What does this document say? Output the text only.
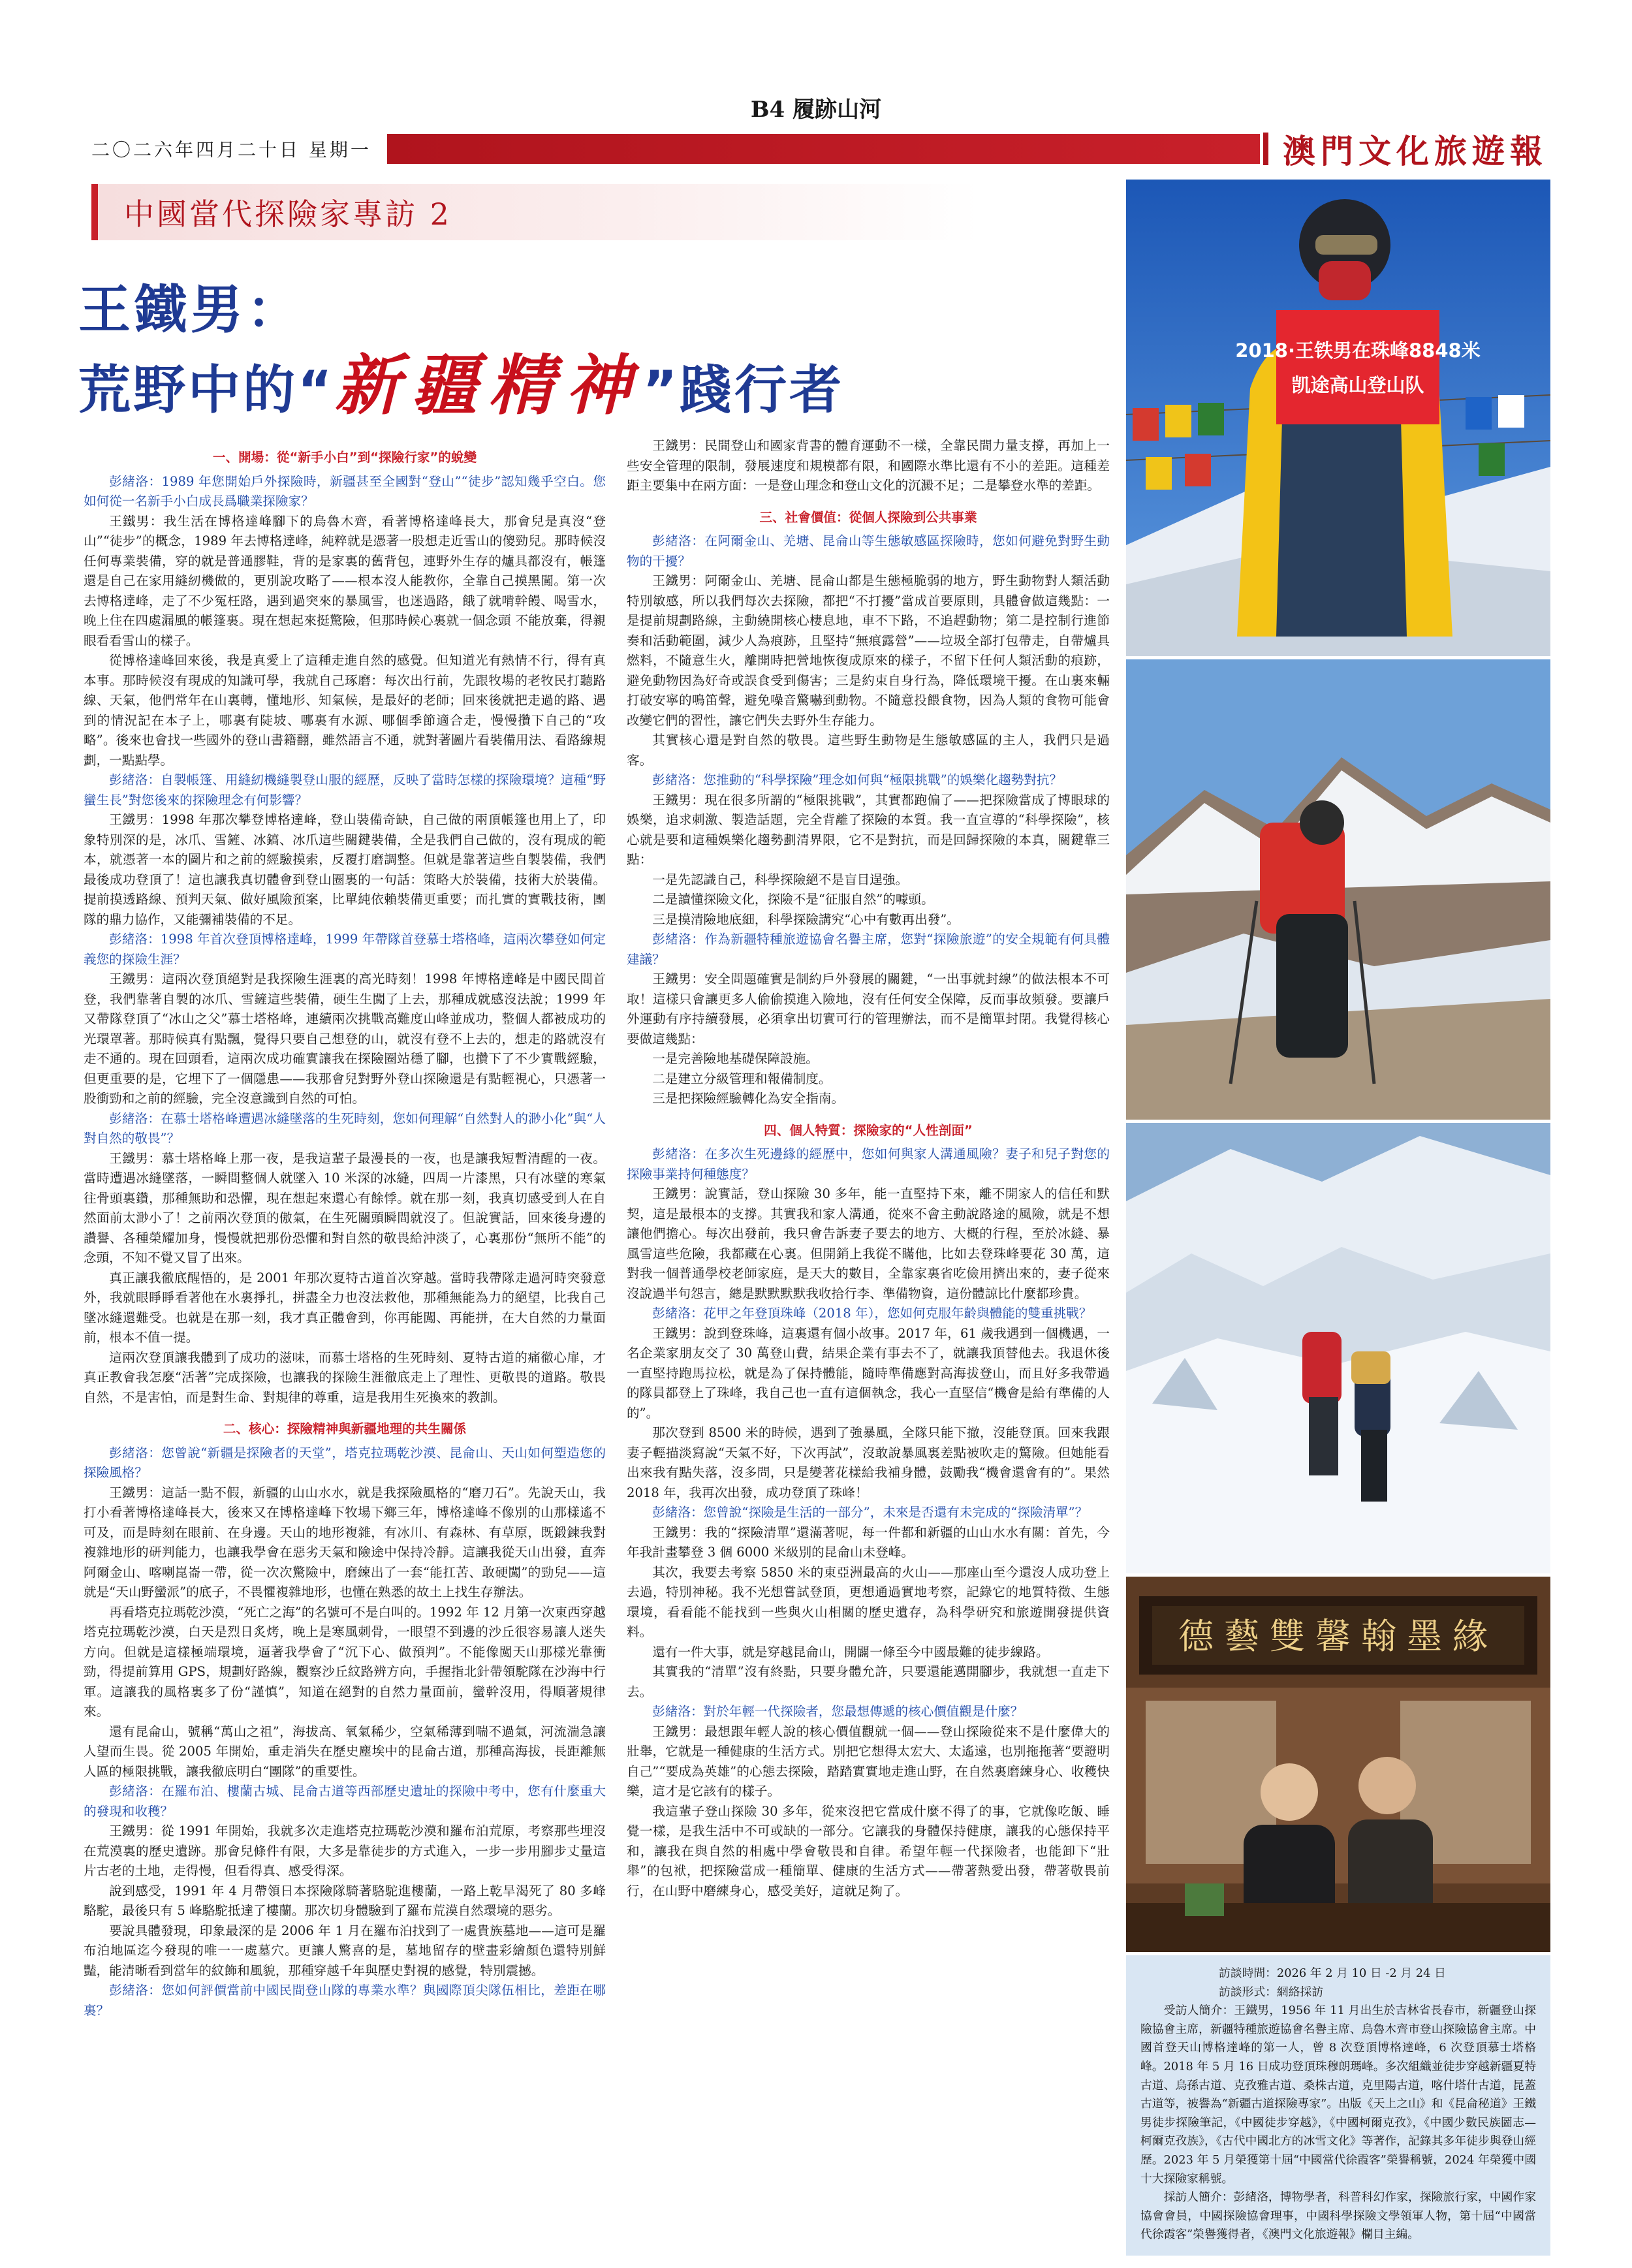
B4 履跡山河
二〇二六年四月二十日 星期一	澳門文化旅遊報
中國當代探險家專訪 2
王鐵男：
荒野中的“新疆精神”踐行者

一、開場：從“新手小白”到“探險行家”的蛻變

彭緒洛：1989 年您開始戶外探險時，新疆甚至全國對“登山”“徒步”認知幾乎空白。您如何從一名新手小白成長爲職業探險家？

王鐵男：我生活在博格達峰腳下的烏魯木齊，看著博格達峰長大，那會兒是真沒“登山”“徒步”的概念，1989 年去博格達峰，純粹就是憑著一股想走近雪山的傻勁兒。那時候沒任何專業裝備，穿的就是普通膠鞋，背的是家裏的舊背包，連野外生存的爐具都沒有，帳篷還是自己在家用縫紉機做的，更別說攻略了——根本沒人能教你，全靠自己摸黑闖。第一次去博格達峰，走了不少冤枉路，遇到過突來的暴風雪，也迷過路，餓了就啃幹饅、喝雪水，晚上住在四處漏風的帳篷裏。現在想起來挺驚險，但那時候心裏就一個念頭 不能放棄，得親眼看看雪山的樣子。

從博格達峰回來後，我是真愛上了這種走進自然的感覺。但知道光有熱情不行，得有真本事。那時候沒有現成的知識可學，我就自己琢磨：每次出行前，先跟牧場的老牧民打聽路線、天氣，他們常年在山裏轉，懂地形、知氣候，是最好的老師；回來後就把走過的路、遇到的情況記在本子上，哪裏有陡坡、哪裏有水源、哪個季節適合走，慢慢攢下自己的“攻略”。後來也會找一些國外的登山書籍翻，雖然語言不通，就對著圖片看裝備用法、看路線規劃，一點點學。

彭緒洛：自製帳篷、用縫紉機縫製登山服的經歷，反映了當時怎樣的探險環境？這種“野蠻生長”對您後來的探險理念有何影響？

王鐵男：1998 年那次攀登博格達峰，登山裝備奇缺，自己做的兩頂帳篷也用上了，印象特別深的是，冰爪、雪鏟、冰鎬、冰爪這些關鍵裝備，全是我們自己做的，沒有現成的範本，就憑著一本的圖片和之前的經驗摸索，反覆打磨調整。但就是靠著這些自製裝備，我們最後成功登頂了！這也讓我真切體會到登山圈裏的一句話：策略大於裝備，技術大於裝備。提前摸透路線、預判天氣、做好風險預案，比單純依賴裝備更重要；而扎實的實戰技術，團隊的鼎力協作，又能彌補裝備的不足。

彭緒洛：1998 年首次登頂博格達峰，1999 年帶隊首登慕士塔格峰，這兩次攀登如何定義您的探險生涯？

王鐵男：這兩次登頂絕對是我探險生涯裏的高光時刻！1998 年博格達峰是中國民間首登，我們靠著自製的冰爪、雪鏟這些裝備，硬生生闖了上去，那種成就感沒法說；1999 年又帶隊登頂了“冰山之父”慕士塔格峰，連續兩次挑戰高難度山峰並成功，整個人都被成功的光環罩著。那時候真有點飄，覺得只要自己想登的山，就沒有登不上去的，想走的路就沒有走不通的。現在回頭看，這兩次成功確實讓我在探險圈站穩了腳，也攢下了不少實戰經驗，但更重要的是，它埋下了一個隱患——我那會兒對野外登山探險還是有點輕視心，只憑著一股衝勁和之前的經驗，完全沒意識到自然的可怕。

彭緒洛：在慕士塔格峰遭遇冰縫墜落的生死時刻，您如何理解“自然對人的渺小化”與“人對自然的敬畏”？

王鐵男：慕士塔格峰上那一夜，是我這輩子最漫長的一夜，也是讓我短暫清醒的一夜。當時遭遇冰縫墜落，一瞬間整個人就墜入 10 米深的冰縫，四周一片漆黑，只有冰壁的寒氣往骨頭裏鑽，那種無助和恐懼，現在想起來還心有餘悸。就在那一刻，我真切感受到人在自然面前太渺小了！之前兩次登頂的傲氣，在生死關頭瞬間就沒了。但說實話，回來後身邊的讚譽、各種榮耀加身，慢慢就把那份恐懼和對自然的敬畏給沖淡了，心裏那份“無所不能”的念頭，不知不覺又冒了出來。

真正讓我徹底醒悟的，是 2001 年那次夏特古道首次穿越。當時我帶隊走過河時突發意外，我就眼睜睜看著他在水裏掙扎，拼盡全力也沒法救他，那種無能為力的絕望，比我自己墜冰縫還難受。也就是在那一刻，我才真正體會到，你再能闖、再能拼，在大自然的力量面前，根本不值一提。

這兩次登頂讓我體到了成功的滋味，而慕士塔格的生死時刻、夏特古道的痛徹心扉，才真正教會我怎麼“活著”完成探險，也讓我的探險生涯徹底走上了理性、更敬畏的道路。敬畏自然，不是害怕，而是對生命、對規律的尊重，這是我用生死換來的教訓。

二、核心：探險精神與新疆地理的共生關係

彭緒洛：您曾說“新疆是探險者的天堂”，塔克拉瑪乾沙漠、昆侖山、天山如何塑造您的探險風格？

王鐵男：這話一點不假，新疆的山山水水，就是我探險風格的“磨刀石”。先說天山，我打小看著博格達峰長大，後來又在博格達峰下牧場下鄉三年，博格達峰不像別的山那樣遙不可及，而是時刻在眼前、在身邊。天山的地形複雜，有冰川、有森林、有草原，既鍛鍊我對複雜地形的研判能力，也讓我學會在惡劣天氣和險途中保持冷靜。這讓我從天山出發，直奔阿爾金山、喀喇崑崙一帶，從一次次驚險中，磨練出了一套“能扛苦、敢硬闖”的勁兒——這就是“天山野蠻派”的底子，不畏懼複雜地形，也懂在熟悉的故土上找生存辦法。

再看塔克拉瑪乾沙漠，“死亡之海”的名號可不是白叫的。1992 年 12 月第一次東西穿越塔克拉瑪乾沙漠，白天是烈日炙烤，晚上是寒風刺骨，一眼望不到邊的沙丘很容易讓人迷失方向。但就是這樣極端環境，逼著我學會了“沉下心、做預判”。不能像闖天山那樣光靠衝勁，得提前算用 GPS，規劃好路線，觀察沙丘紋路辨方向，手握指北針帶領駝隊在沙海中行軍。這讓我的風格裏多了份“謹慎”，知道在絕對的自然力量面前，蠻幹沒用，得順著規律來。

還有昆侖山，號稱“萬山之祖”，海拔高、氧氣稀少，空氣稀薄到喘不過氣，河流湍急讓人望而生畏。從 2005 年開始，重走消失在歷史塵埃中的昆侖古道，那種高海拔，長距離無人區的極限挑戰，讓我徹底明白“團隊”的重要性。

彭緒洛：在羅布泊、樓蘭古城、昆侖古道等西部歷史遺址的探險中考中，您有什麼重大的發現和收穫？

王鐵男：從 1991 年開始，我就多次走進塔克拉瑪乾沙漠和羅布泊荒原，考察那些埋沒在荒漠裏的歷史遺跡。那會兒條件有限，大多是靠徒步的方式進入，一步一步用腳步丈量這片古老的土地，走得慢，但看得真、感受得深。

說到感受，1991 年 4 月帶領日本探險隊騎著駱駝進樓蘭，一路上乾旱渴死了 80 多峰駱駝，最後只有 5 峰駱駝抵達了樓蘭。那次切身體驗到了羅布荒漠自然環境的惡劣。

要說具體發現，印象最深的是 2006 年 1 月在羅布泊找到了一處貴族墓地——這可是羅布泊地區迄今發現的唯一一處墓穴。更讓人驚喜的是，墓地留存的壁畫彩繪顏色還特別鮮豔，能清晰看到當年的紋飾和風貌，那種穿越千年與歷史對視的感覺，特別震撼。

彭緒洛：您如何評價當前中國民間登山隊的專業水準？與國際頂尖隊伍相比，差距在哪裏？

王鐵男：民間登山和國家背書的體育運動不一樣，全靠民間力量支撐，再加上一些安全管理的限制，發展速度和規模都有限，和國際水準比還有不小的差距。這種差距主要集中在兩方面：一是登山理念和登山文化的沉澱不足；二是攀登水準的差距。

三、社會價值：從個人探險到公共事業

彭緒洛：在阿爾金山、羌塘、昆侖山等生態敏感區探險時，您如何避免對野生動物的干擾？

王鐵男：阿爾金山、羌塘、昆侖山都是生態極脆弱的地方，野生動物對人類活動特別敏感，所以我們每次去探險，都把“不打擾”當成首要原則，具體會做這幾點：一是提前規劃路線，主動繞開核心棲息地，車不下路，不追趕動物；第二是控制行進節奏和活動範圍，減少人為痕跡，且堅持“無痕露營”——垃圾全部打包帶走，自帶爐具燃料，不隨意生火，離開時把營地恢復成原來的樣子，不留下任何人類活動的痕跡，避免動物因為好奇或誤食受到傷害；三是約束自身行為，降低環境干擾。在山裏來輛打破安寧的鳴笛聲，避免噪音驚嚇到動物。不隨意投餵食物，因為人類的食物可能會改變它們的習性，讓它們失去野外生存能力。

其實核心還是對自然的敬畏。這些野生動物是生態敏感區的主人，我們只是過客。

彭緒洛：您推動的“科學探險”理念如何與“極限挑戰”的娛樂化趨勢對抗？

王鐵男：現在很多所謂的“極限挑戰”，其實都跑偏了——把探險當成了博眼球的娛樂，追求刺激、製造話題，完全背離了探險的本質。我一直宣導的“科學探險”，核心就是要和這種娛樂化趨勢劃清界限，它不是對抗，而是回歸探險的本真，關鍵靠三點：

一是先認識自己，科學探險絕不是盲目逞強。

二是讀懂探險文化，探險不是“征服自然”的噱頭。

三是摸清險地底細，科學探險講究“心中有數再出發”。

彭緒洛：作為新疆特種旅遊協會名譽主席，您對“探險旅遊”的安全規範有何具體建議？

王鐵男：安全問題確實是制約戶外發展的關鍵，“一出事就封線”的做法根本不可取！這樣只會讓更多人偷偷摸進入險地，沒有任何安全保障，反而事故頻發。要讓戶外運動有序持續發展，必須拿出切實可行的管理辦法，而不是簡單封閉。我覺得核心要做這幾點：

一是完善險地基礎保障設施。

二是建立分級管理和報備制度。

三是把探險經驗轉化為安全指南。

四、個人特質：探險家的“人性剖面”

彭緒洛：在多次生死邊緣的經歷中，您如何與家人溝通風險？妻子和兒子對您的探險事業持何種態度？

王鐵男：說實話，登山探險 30 多年，能一直堅持下來，離不開家人的信任和默契，這是最根本的支撐。其實我和家人溝通，從來不會主動說路途的風險，就是不想讓他們擔心。每次出發前，我只會告訴妻子要去的地方、大概的行程，至於冰縫、暴風雪這些危險，我都藏在心裏。但開銷上我從不瞞他，比如去登珠峰要花 30 萬，這對我一個普通學校老師家庭，是天大的數目，全靠家裏省吃儉用擠出來的，妻子從來沒說過半句怨言，總是默默默默我收拾行李、準備物資，這份體諒比什麼都珍貴。

彭緒洛：花甲之年登頂珠峰（2018 年），您如何克服年齡與體能的雙重挑戰？

王鐵男：說到登珠峰，這裏還有個小故事。2017 年，61 歲我遇到一個機遇，一名企業家朋友交了 30 萬登山費，結果企業有事去不了，就讓我頂替他去。我退休後一直堅持跑馬拉松，就是為了保持體能，隨時準備應對高海拔登山，而且好多我帶過的隊員都登上了珠峰，我自己也一直有這個執念，我心一直堅信“機會是給有準備的人的”。

那次登到 8500 米的時候，遇到了強暴風，全隊只能下撤，沒能登頂。回來我跟妻子輕描淡寫說“天氣不好，下次再試”，沒敢說暴風裏差點被吹走的驚險。但她能看出來我有點失落，沒多問，只是變著花樣給我補身體，鼓勵我“機會還會有的”。果然 2018 年，我再次出發，成功登頂了珠峰！

彭緒洛：您曾說“探險是生活的一部分”，未來是否還有未完成的“探險清單”？

王鐵男：我的“探險清單”還滿著呢，每一件都和新疆的山山水水有關：首先，今年我計畫攀登 3 個 6000 米級別的昆侖山未登峰。

其次，我要去考察 5850 米的東亞洲最高的火山——那座山至今還沒人成功登上去過，特別神秘。我不光想嘗試登頂，更想通過實地考察，記錄它的地質特徵、生態環境，看看能不能找到一些與火山相關的歷史遺存，為科學研究和旅遊開發提供資料。

還有一件大事，就是穿越昆侖山，開闢一條至今中國最難的徒步線路。

其實我的“清單”沒有終點，只要身體允許，只要還能邁開腳步，我就想一直走下去。

彭緒洛：對於年輕一代探險者，您最想傳遞的核心價值觀是什麼？

王鐵男：最想跟年輕人說的核心價值觀就一個——登山探險從來不是什麼偉大的壯舉，它就是一種健康的生活方式。別把它想得太宏大、太遙遠，也別拖拖著“要證明自己”“要成為英雄”的心態去探險，踏踏實實地走進山野，在自然裏磨練身心、收穫快樂，這才是它該有的樣子。

我這輩子登山探險 30 多年，從來沒把它當成什麼不得了的事，它就像吃飯、睡覺一樣，是我生活中不可或缺的一部分。它讓我的身體保持健康，讓我的心態保持平和，讓我在與自然的相處中學會敬畏和自律。希望年輕一代探險者，也能卸下“壯舉”的包袱，把探險當成一種簡單、健康的生活方式——帶著熱愛出發，帶著敬畏前行，在山野中磨練身心，感受美好，這就足夠了。

2018·王铁男在珠峰8848米
凯途高山登山队
德藝雙馨翰墨緣
訪談時間：2026 年 2 月 10 日 -2 月 24 日
訪談形式：網絡採訪

受訪人簡介：王鐵男，1956 年 11 月出生於吉林省長春市，新疆登山探險協會主席，新疆特種旅遊協會名譽主席、烏魯木齊市登山探險協會主席。中國首登天山博格達峰的第一人，曾 8 次登頂博格達峰，6 次登頂慕士塔格峰。2018 年 5 月 16 日成功登頂珠穆朗瑪峰。多次組織並徒步穿越新疆夏特古道、烏孫古道、克孜雅古道、桑株古道，克里陽古道，喀什塔什古道，昆蓋古道等，被譽為“新疆古道探險專家”。出版《天上之山》和《昆侖秘道》王鐵男徒步探險筆記，《中國徒步穿越》，《中國柯爾克孜》，《中國少數民族圖志—柯爾克孜族》，《古代中國北方的冰雪文化》等著作，記錄其多年徒步與登山經歷。2023 年 5 月榮獲第十屆“中國當代徐霞客”榮譽稱號，2024 年榮獲中國十大探險家稱號。

採訪人簡介：彭緒洛，博物學者，科普科幻作家，探險旅行家，中國作家協會會員，中國探險協會理事，中國科學探險文學領軍人物，第十屆“中國當代徐霞客”榮譽獲得者，《澳門文化旅遊報》欄目主編。
